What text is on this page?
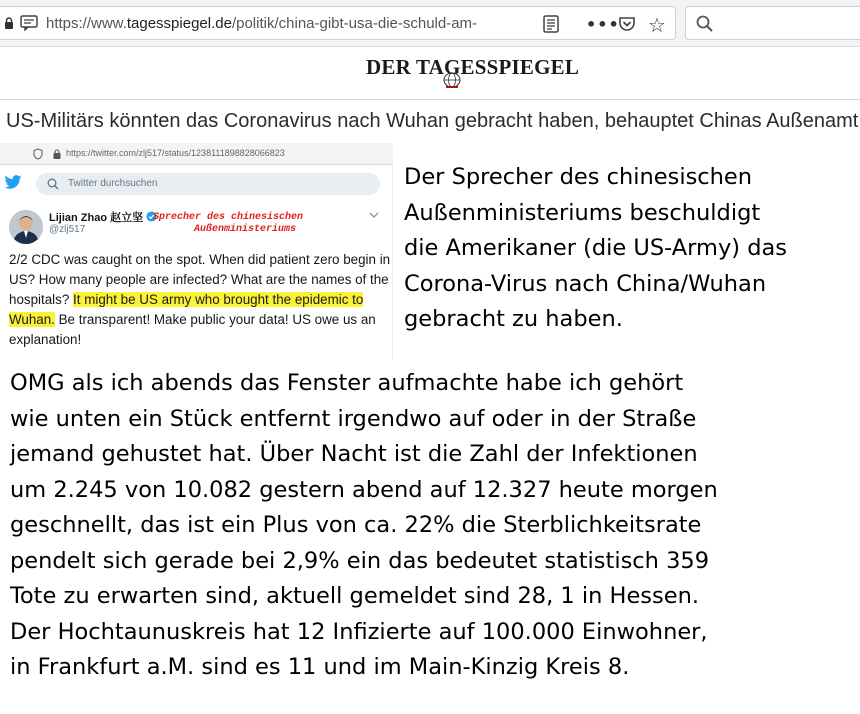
https://www.tagesspiegel.de/politik/china-gibt-usa-die-schuld-am-	••• ☆
DER TAGESSPIEGEL
US-Militärs könnten das Coronavirus nach Wuhan gebracht haben, behauptet Chinas Außenamt
https://twitter.com/zlj517/status/1238111898828066823
Twitter durchsuchen
Lijian Zhao 赵立坚
@zlj517
Sprecher des chinesischen
Außenministeriums
2/2 CDC was caught on the spot. When did patient zero begin in US? How many people are infected? What are the names of the hospitals? It might be US army who brought the epidemic to Wuhan. Be transparent! Make public your data! US owe us an explanation!
Der Sprecher des chinesischen
Außenministeriums beschuldigt
die Amerikaner (die US-Army) das
Corona-Virus nach China/Wuhan
gebracht zu haben.
OMG als ich abends das Fenster aufmachte habe ich gehört
wie unten ein Stück entfernt irgendwo auf oder in der Straße
jemand gehustet hat. Über Nacht ist die Zahl der Infektionen
um 2.245 von 10.082 gestern abend auf 12.327 heute morgen
geschnellt, das ist ein Plus von ca. 22% die Sterblichkeitsrate
pendelt sich gerade bei 2,9% ein das bedeutet statistisch 359
Tote zu erwarten sind, aktuell gemeldet sind 28, 1 in Hessen.
Der Hochtaunuskreis hat 12 Infizierte auf 100.000 Einwohner,
in Frankfurt a.M. sind es 11 und im Main-Kinzig Kreis 8.
